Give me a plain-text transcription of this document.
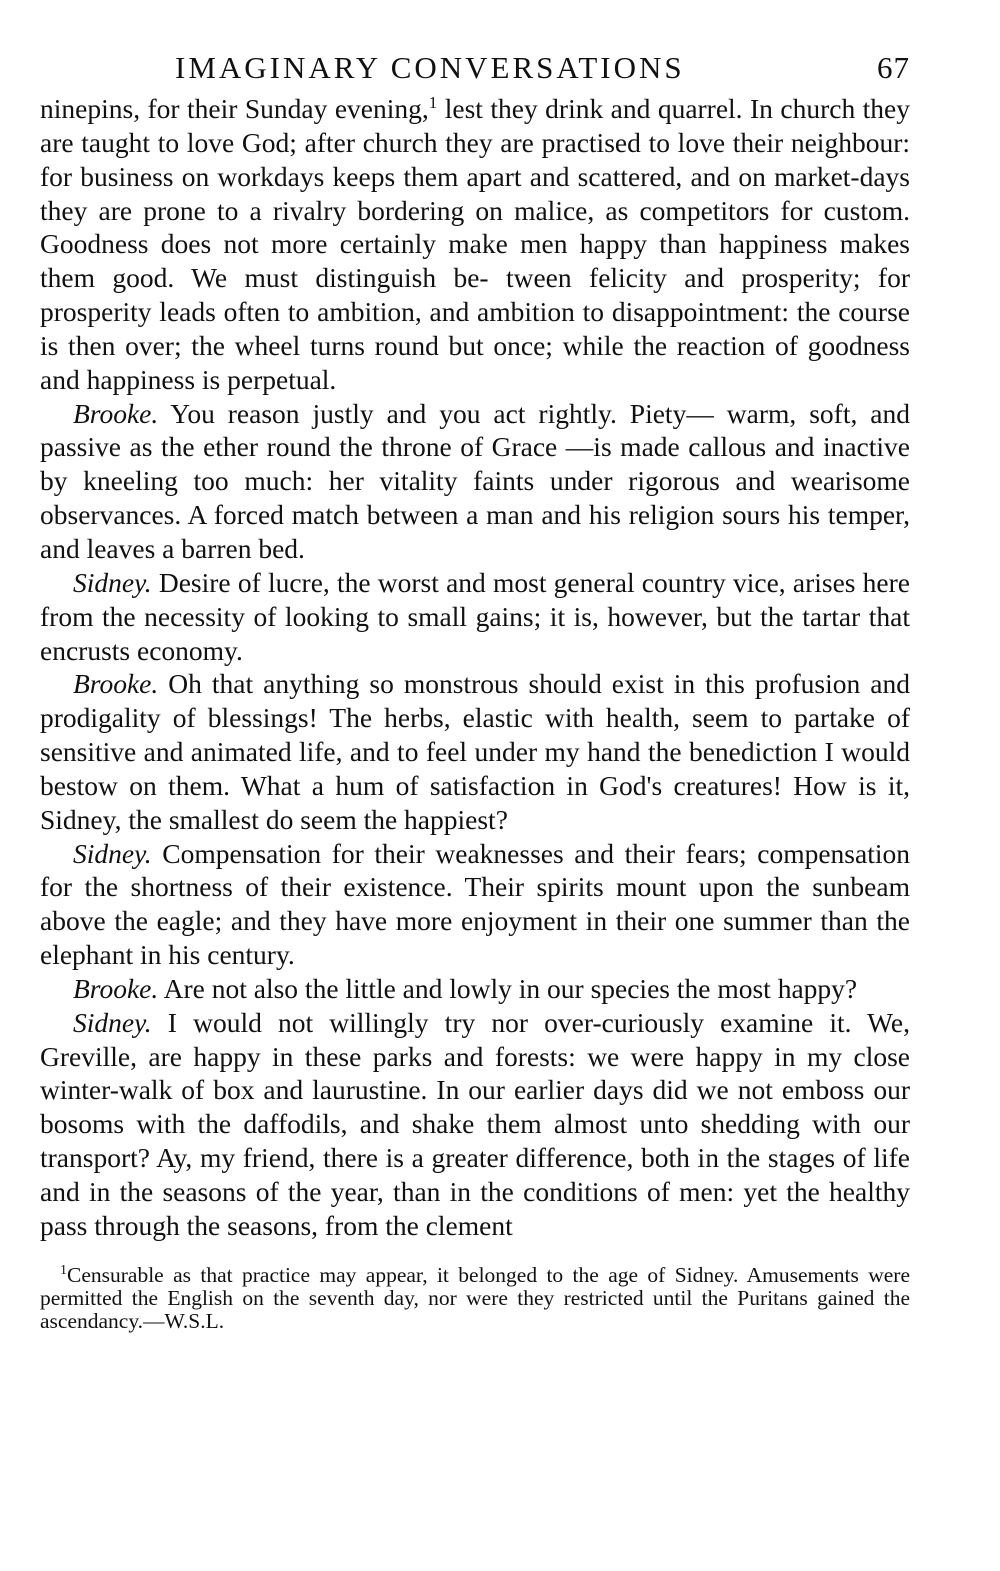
IMAGINARY CONVERSATIONS	67

ninepins, for their Sunday evening,$^1$ lest they drink and quarrel. In church they are taught to love God; after church they are practised to love their neighbour: for business on workdays keeps them apart and scattered, and on market-days they are prone to a rivalry bordering on malice, as competitors for custom. Goodness does not more certainly make men happy than happiness makes them good. We must distinguish be- tween felicity and prosperity; for prosperity leads often to ambition, and ambition to disappointment: the course is then over; the wheel turns round but once; while the reaction of goodness and happiness is perpetual.

Brooke. You reason justly and you act rightly. Piety— warm, soft, and passive as the ether round the throne of Grace —is made callous and inactive by kneeling too much: her vitality faints under rigorous and wearisome observances. A forced match between a man and his religion sours his temper, and leaves a barren bed.

Sidney. Desire of lucre, the worst and most general country vice, arises here from the necessity of looking to small gains; it is, however, but the tartar that encrusts economy.

Brooke. Oh that anything so monstrous should exist in this profusion and prodigality of blessings! The herbs, elastic with health, seem to partake of sensitive and animated life, and to feel under my hand the benediction I would bestow on them. What a hum of satisfaction in God's creatures! How is it, Sidney, the smallest do seem the happiest?

Sidney. Compensation for their weaknesses and their fears; compensation for the shortness of their existence. Their spirits mount upon the sunbeam above the eagle; and they have more enjoyment in their one summer than the elephant in his century.

Brooke. Are not also the little and lowly in our species the most happy?

Sidney. I would not willingly try nor over-curiously examine it. We, Greville, are happy in these parks and forests: we were happy in my close winter-walk of box and laurustine. In our earlier days did we not emboss our bosoms with the daffodils, and shake them almost unto shedding with our transport? Ay, my friend, there is a greater difference, both in the stages of life and in the seasons of the year, than in the conditions of men: yet the healthy pass through the seasons, from the clement

$^1$Censurable as that practice may appear, it belonged to the age of Sidney. Amusements were permitted the English on the seventh day, nor were they restricted until the Puritans gained the ascendancy.—W.S.L.
